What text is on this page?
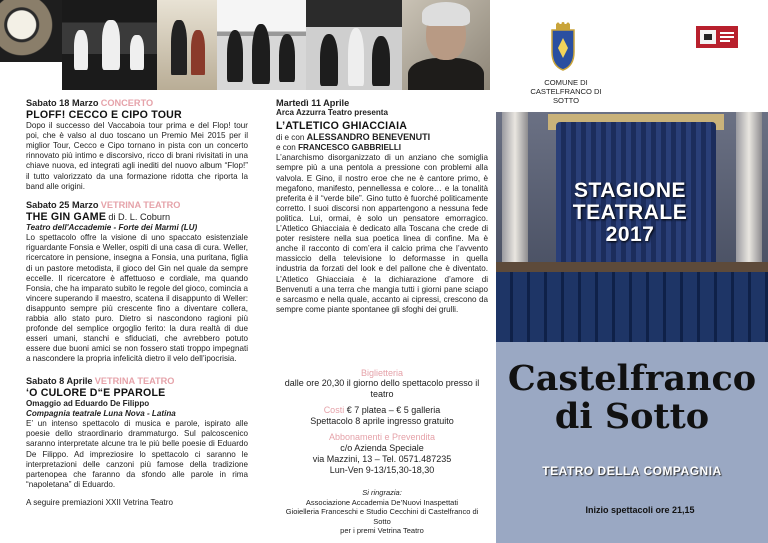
Sabato 18 Marzo CONCERTO
PLOFF! CECCO E CIPO TOUR

Dopo il successo del Vaccaboia tour prima e del Flop! tour poi, che è valso al duo toscano un Premio Mei 2015 per il miglior Tour, Cecco e Cipo tornano in pista con un concerto rinnovato più intimo e discorsivo, ricco di brani rivisitati in una chiave nuova, ed integrati agli inediti del nuovo album “Flop!” il tutto valorizzato da una formazione ridotta che riporta la band alle origini.

Sabato 25 Marzo VETRINA TEATRO
THE GIN GAME di D. L. Coburn
Teatro dell'Accademie - Forte dei Marmi (LU)

Lo spettacolo offre la visione di uno spaccato esistenziale riguardante Fonsia e Weller, ospiti di una casa di cura. Weller, ricercatore in pensione, insegna a Fonsia, una puritana, figlia di un pastore metodista, il gioco del Gin nel quale da sempre eccelle. Il ricercatore è affettuoso e cordiale, ma quando Fonsia, che ha imparato subito le regole del gioco, comincia a vincere superando il maestro, scatena il disappunto di Weller: disappunto sempre più crescente fino a diventare collera, rabbia allo stato puro. Dietro si nascondono ragioni più profonde del semplice orgoglio ferito: la dura realtà di due esseri umani, stanchi e sfiduciati, che avrebbero potuto essere due buoni amici se non fossero stati troppo impegnati a nascondere la propria infelicità dietro il velo dell’ipocrisia.

Sabato 8 Aprile VETRINA TEATRO
‘O CULORE D“E PPAROLE
Omaggio ad Eduardo De Filippo
Compagnia teatrale Luna Nova - Latina

E’ un intenso spettacolo di musica e parole, ispirato alle poesie dello straordinario drammaturgo. Sul palcoscenico saranno interpretate alcune tra le più belle poesie di Eduardo De Filippo. Ad impreziosire lo spettacolo ci saranno le interpretazioni delle canzoni più famose della tradizione partenopea che faranno da sfondo alle parole in rima “napoletana” di Eduardo.

A seguire premiazioni XXII Vetrina Teatro

Martedì 11 Aprile
Arca Azzurra Teatro presenta
L’ATLETICO GHIACCIAIA
di e con ALESSANDRO BENEVENUTI
e con FRANCESCO GABBRIELLI

L’anarchismo disorganizzato di un anziano che somiglia sempre più a una pentola a pressione con problemi alla valvola. E Gino, il nostro eroe che ne è cantore primo, è megafono, manifesto, pennellessa e colore… e la tonalità preferita è il “verde bile”. Gino tutto è fuorché politicamente corretto. I suoi discorsi non appartengono a nessuna fede politica. Lui, ormai, è solo un pensatore emorragico. L’Atletico Ghiacciaia è dedicato alla Toscana che crede di poter resistere nella sua poetica linea di confine. Ma è anche il racconto di com’era il calcio prima che l’avvento massiccio della televisione lo deformasse in quella industria da forzati del look e del pallone che è diventato. L’Atletico Ghiacciaia è la dichiarazione d’amore di Benvenuti a una terra che mangia tutti i giorni pane sciapo e sarcasmo e nella quale, accanto ai cipressi, crescono da sempre come piante spontanee gli sfoghi dei grulli.

Biglietteria
dalle ore 20,30 il giorno dello spettacolo presso il teatro
Costi € 7 platea – € 5 galleria
Spettacolo 8 aprile ingresso gratuito
Abbonamenti e Prevendita
c/o Azienda Speciale
via Mazzini, 13 – Tel. 0571.487235
Lun-Ven 9-13/15,30-18,30
Si ringrazia:
Associazione Accademia De’Nuovi Inaspettati
Gioielleria Franceschi e Studio Cecchini di Castelfranco di Sotto
per i premi Vetrina Teatro
COMUNE DI CASTELFRANCO DI SOTTO
STAGIONE
TEATRALE
2017
Castelfranco
di Sotto
TEATRO DELLA COMPAGNIA
Inizio spettacoli ore 21,15
